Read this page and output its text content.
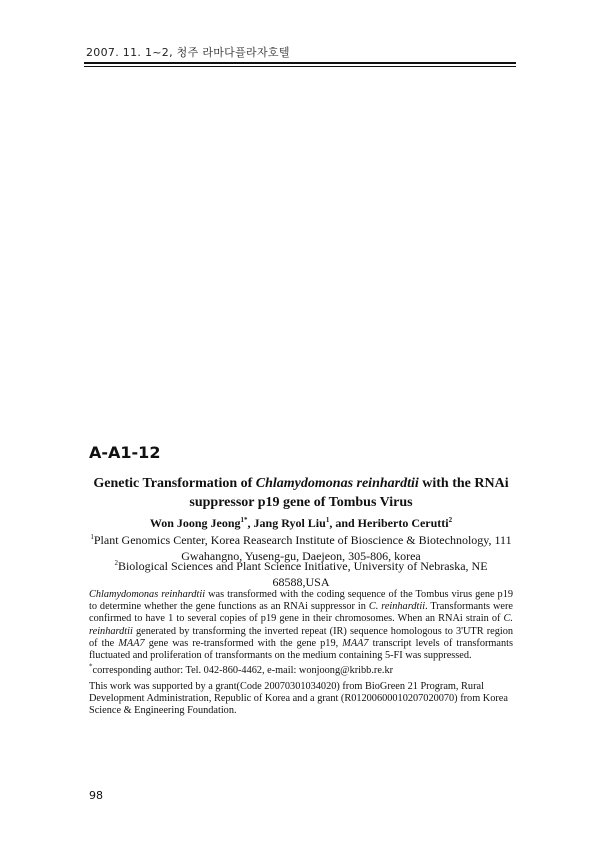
2007. 11. 1~2, 청주 라마다플라자호텔
A-A1-12
Genetic Transformation of Chlamydomonas reinhardtii with the RNAi suppressor p19 gene of Tombus Virus
Won Joong Jeong$^{1*}$, Jang Ryol Liu$^1$, and Heriberto Cerutti$^2$
$^1$Plant Genomics Center, Korea Reasearch Institute of Bioscience & Biotechnology, 111 Gwahangno, Yuseng-gu, Daejeon, 305-806, korea
$^2$Biological Sciences and Plant Science Initiative, University of Nebraska, NE 68588,USA

Chlamydomonas reinhardtii was transformed with the coding sequence of the Tombus virus gene p19 to determine whether the gene functions as an RNAi suppressor in C. reinhardtii. Transformants were confirmed to have 1 to several copies of p19 gene in their chromosomes. When an RNAi strain of C. reinhardtii generated by transforming the inverted repeat (IR) sequence homologous to 3'UTR region of the MAA7 gene was re-transformed with the gene p19, MAA7 transcript levels of transformants fluctuated and proliferation of transformants on the medium containing 5-FI was suppressed.

*corresponding author: Tel. 042-860-4462, e-mail: wonjoong@kribb.re.kr
This work was supported by a grant(Code 20070301034020) from BioGreen 21 Program, Rural Development Administration, Republic of Korea and a grant (R01200600010207020070) from Korea Science & Engineering Foundation.
98
